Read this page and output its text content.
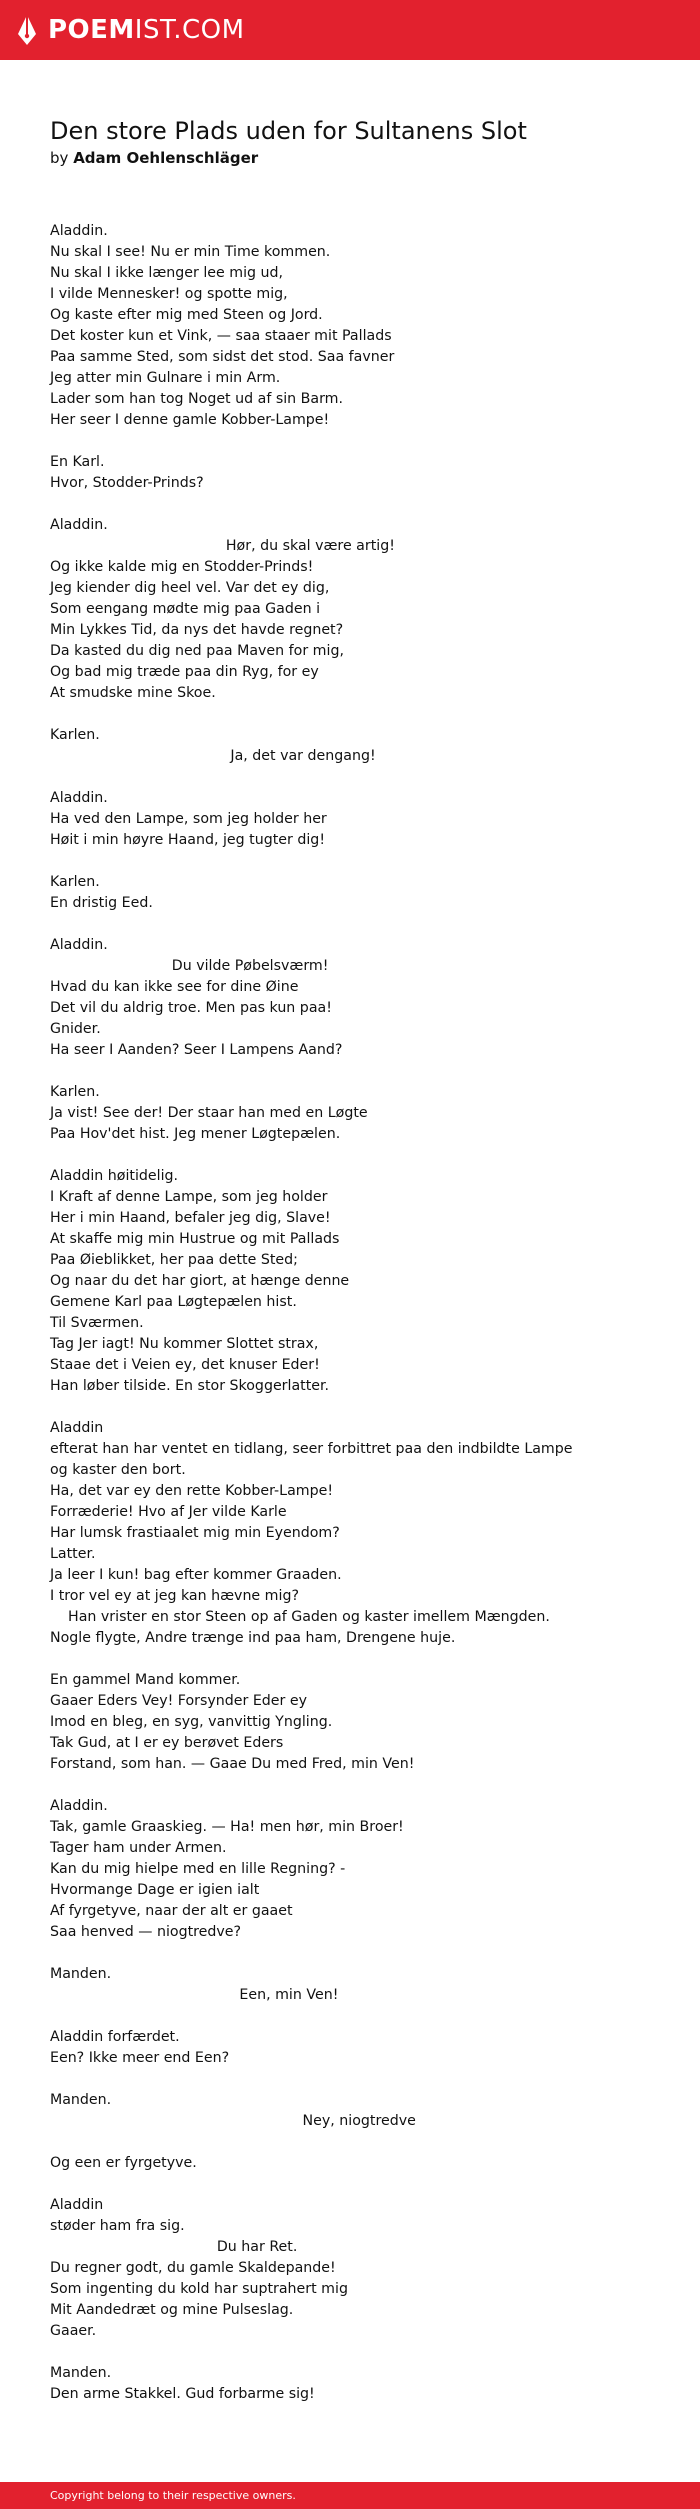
POEMIST.COM
Den store Plads uden for Sultanens Slot
by Adam Oehlenschläger
Aladdin.
Nu skal I see! Nu er min Time kommen.
Nu skal I ikke længer lee mig ud,
I vilde Mennesker! og spotte mig,
Og kaste efter mig med Steen og Jord.
Det koster kun et Vink, — saa staaer mit Pallads
Paa samme Sted, som sidst det stod. Saa favner
Jeg atter min Gulnare i min Arm.
Lader som han tog Noget ud af sin Barm.
Her seer I denne gamle Kobber-Lampe!
En Karl.
Hvor, Stodder-Prinds?
Aladdin.
Hør, du skal være artig!
Og ikke kalde mig en Stodder-Prinds!
Jeg kiender dig heel vel. Var det ey dig,
Som eengang mødte mig paa Gaden i
Min Lykkes Tid, da nys det havde regnet?
Da kasted du dig ned paa Maven for mig,
Og bad mig træde paa din Ryg, for ey
At smudske mine Skoe.
Karlen.
Ja, det var dengang!
Aladdin.
Ha ved den Lampe, som jeg holder her
Høit i min høyre Haand, jeg tugter dig!
Karlen.
En dristig Eed.
Aladdin.
Du vilde Pøbelsværm!
Hvad du kan ikke see for dine Øine
Det vil du aldrig troe. Men pas kun paa!
Gnider.
Ha seer I Aanden? Seer I Lampens Aand?
Karlen.
Ja vist! See der! Der staar han med en Løgte
Paa Hov'det hist. Jeg mener Løgtepælen.
Aladdin høitidelig.
I Kraft af denne Lampe, som jeg holder
Her i min Haand, befaler jeg dig, Slave!
At skaffe mig min Hustrue og mit Pallads
Paa Øieblikket, her paa dette Sted;
Og naar du det har giort, at hænge denne
Gemene Karl paa Løgtepælen hist.
Til Sværmen.
Tag Jer iagt! Nu kommer Slottet strax,
Staae det i Veien ey, det knuser Eder!
Han løber tilside. En stor Skoggerlatter.
Aladdin
efterat han har ventet en tidlang, seer forbittret paa den indbildte Lampe
og kaster den bort.
Ha, det var ey den rette Kobber-Lampe!
Forræderie! Hvo af Jer vilde Karle
Har lumsk frastiaalet mig min Eyendom?
Latter.
Ja leer I kun! bag efter kommer Graaden.
I tror vel ey at jeg kan hævne mig?
Han vrister en stor Steen op af Gaden og kaster imellem Mængden.
Nogle flygte, Andre trænge ind paa ham, Drengene huje.
En gammel Mand kommer.
Gaaer Eders Vey! Forsynder Eder ey
Imod en bleg, en syg, vanvittig Yngling.
Tak Gud, at I er ey berøvet Eders
Forstand, som han. — Gaae Du med Fred, min Ven!
Aladdin.
Tak, gamle Graaskieg. — Ha! men hør, min Broer!
Tager ham under Armen.
Kan du mig hielpe med en lille Regning? -
Hvormange Dage er igien ialt
Af fyrgetyve, naar der alt er gaaet
Saa henved — niogtredve?
Manden.
Een, min Ven!
Aladdin forfærdet.
Een? Ikke meer end Een?
Manden.
Ney, niogtredve
Og een er fyrgetyve.
Aladdin
støder ham fra sig.
Du har Ret.
Du regner godt, du gamle Skaldepande!
Som ingenting du kold har suptrahert mig
Mit Aandedræt og mine Pulseslag.
Gaaer.
Manden.
Den arme Stakkel. Gud forbarme sig!
Copyright belong to their respective owners.
